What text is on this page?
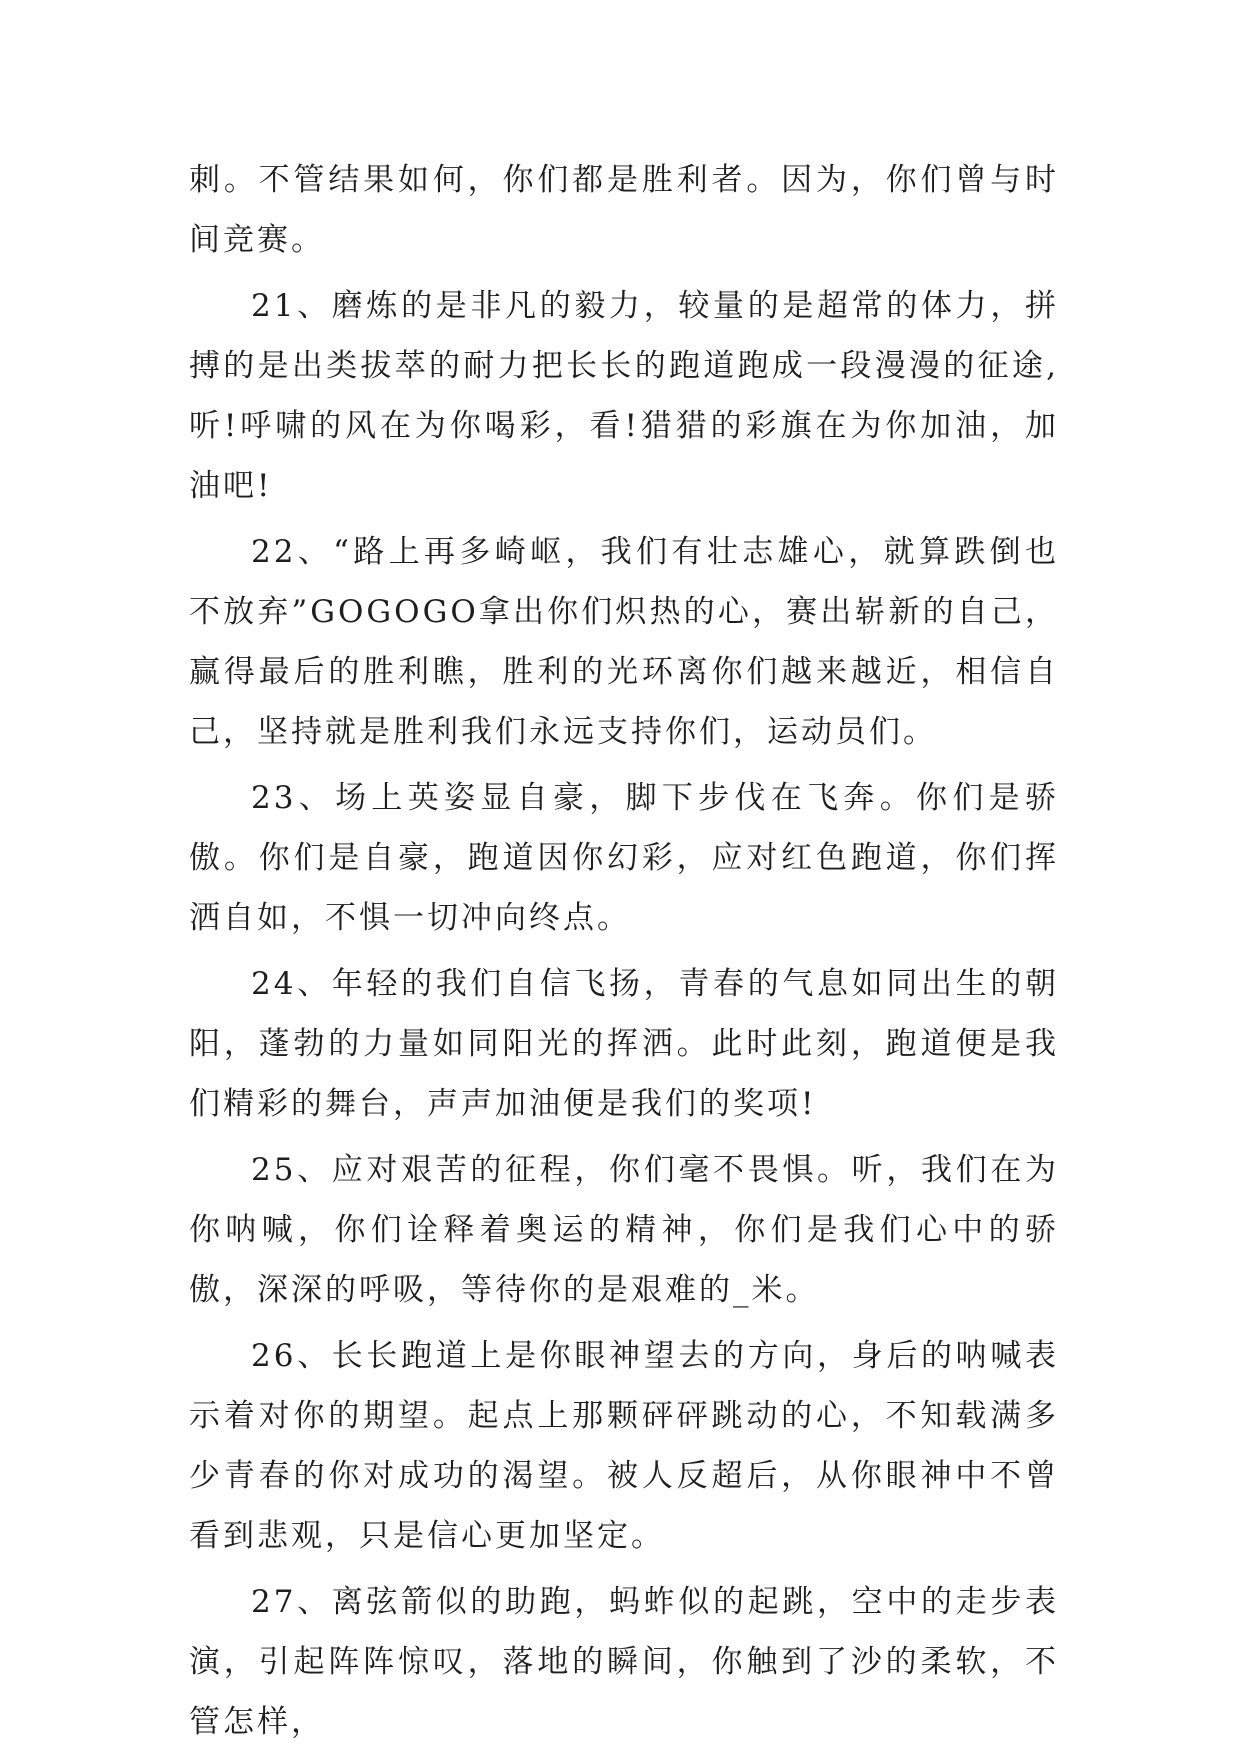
刺。不管结果如何，你们都是胜利者。因为，你们曾与时间竞赛。

21、磨炼的是非凡的毅力，较量的是超常的体力，拼搏的是出类拔萃的耐力把长长的跑道跑成一段漫漫的征途,听!呼啸的风在为你喝彩，看!猎猎的彩旗在为你加油，加油吧!

22、“路上再多崎岖，我们有壮志雄心，就算跌倒也不放弃”GOGOGO拿出你们炽热的心，赛出崭新的自己，赢得最后的胜利瞧，胜利的光环离你们越来越近，相信自己，坚持就是胜利我们永远支持你们，运动员们。

23、场上英姿显自豪，脚下步伐在飞奔。你们是骄傲。你们是自豪，跑道因你幻彩，应对红色跑道，你们挥洒自如，不惧一切冲向终点。

24、年轻的我们自信飞扬，青春的气息如同出生的朝阳，蓬勃的力量如同阳光的挥洒。此时此刻，跑道便是我们精彩的舞台，声声加油便是我们的奖项!

25、应对艰苦的征程，你们毫不畏惧。听，我们在为你呐喊，你们诠释着奥运的精神，你们是我们心中的骄傲，深深的呼吸，等待你的是艰难的_米。

26、长长跑道上是你眼神望去的方向，身后的呐喊表示着对你的期望。起点上那颗砰砰跳动的心，不知载满多少青春的你对成功的渴望。被人反超后，从你眼神中不曾看到悲观，只是信心更加坚定。

27、离弦箭似的助跑，蚂蚱似的起跳，空中的走步表演，引起阵阵惊叹，落地的瞬间，你触到了沙的柔软，不管怎样，
